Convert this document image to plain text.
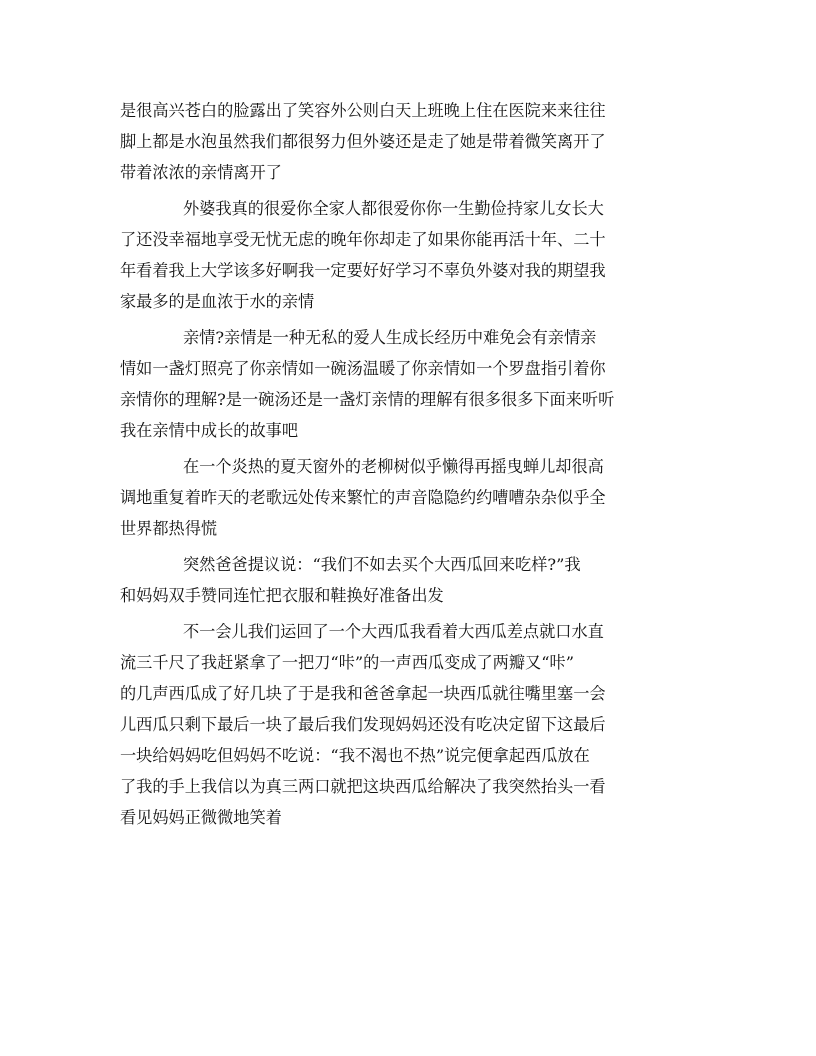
是很高兴苍白的脸露出了笑容外公则白天上班晚上住在医院来来往往
脚上都是水泡虽然我们都很努力但外婆还是走了她是带着微笑离开了
带着浓浓的亲情离开了
外婆我真的很爱你全家人都很爱你你一生勤俭持家儿女长大
了还没幸福地享受无忧无虑的晚年你却走了如果你能再活十年、二十
年看着我上大学该多好啊我一定要好好学习不辜负外婆对我的期望我
家最多的是血浓于水的亲情
亲情?亲情是一种无私的爱人生成长经历中难免会有亲情亲
情如一盏灯照亮了你亲情如一碗汤温暖了你亲情如一个罗盘指引着你
亲情你的理解?是一碗汤还是一盏灯亲情的理解有很多很多下面来听听
我在亲情中成长的故事吧
在一个炎热的夏天窗外的老柳树似乎懒得再摇曳蝉儿却很高
调地重复着昨天的老歌远处传来繁忙的声音隐隐约约嘈嘈杂杂似乎全
世界都热得慌
突然爸爸提议说：“我们不如去买个大西瓜回来吃样?”我
和妈妈双手赞同连忙把衣服和鞋换好准备出发
不一会儿我们运回了一个大西瓜我看着大西瓜差点就口水直
流三千尺了我赶紧拿了一把刀“咔”的一声西瓜变成了两瓣又“咔”
的几声西瓜成了好几块了于是我和爸爸拿起一块西瓜就往嘴里塞一会
儿西瓜只剩下最后一块了最后我们发现妈妈还没有吃决定留下这最后
一块给妈妈吃但妈妈不吃说：“我不渴也不热”说完便拿起西瓜放在
了我的手上我信以为真三两口就把这块西瓜给解决了我突然抬头一看
看见妈妈正微微地笑着
